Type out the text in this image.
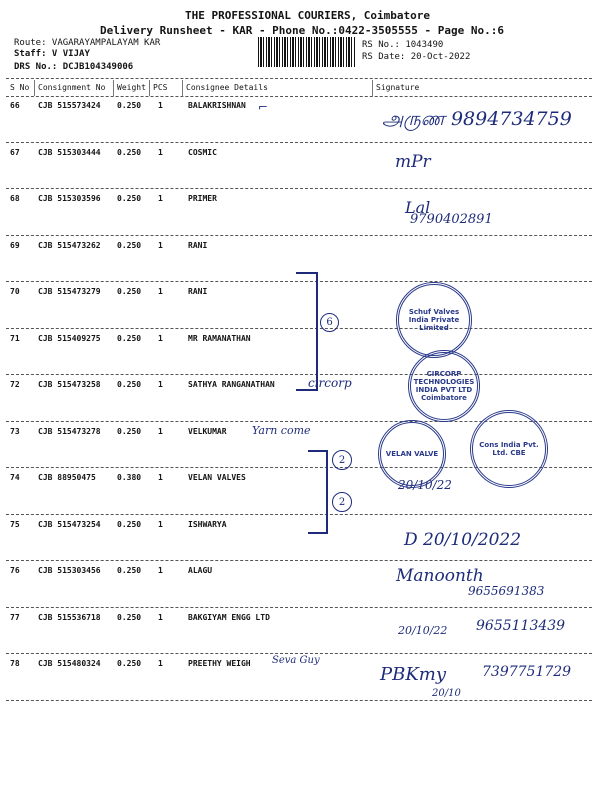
THE PROFESSIONAL COURIERS, Coimbatore
Delivery Runsheet - KAR - Phone No.:0422-3505555 - Page No.:6
Route: VAGARAYAMPALAYAM KAR
Staff: V VIJAY
DRS No.: DCJB104349006
RS No.: 1043490
RS Date: 20-Oct-2022
S No Consignment No Weight PCS Consignee Details	Signature
66 CJB 515573424 0.250 1	BALAKRISHNAN
67 CJB 515303444 0.250 1	COSMIC
68 CJB 515303596 0.250 1	PRIMER
69 CJB 515473262 0.250 1	RANI
70 CJB 515473279 0.250 1	RANI
71 CJB 515409275 0.250 1	MR RAMANATHAN
72 CJB 515473258 0.250 1	SATHYA RANGANATHAN
73 CJB 515473278 0.250 1	VELKUMAR
74 CJB 88950475	0.380 1	VELAN VALVES
75 CJB 515473254 0.250 1	ISHWARYA
76 CJB 515303456 0.250 1	ALAGU
77 CJB 515536718 0.250 1	BAKGIYAM ENGG LTD
78 CJB 515480324 0.250 1	PREETHY WEIGH
அருண 9894734759
⌐
mPr
Lal
9790402891
6
circorp
Yarn come
2
2
20/10/22
D 20/10/2022
Manoonth
9655691383
20/10/22 9655113439
Seva Guy
PBKmy	7397751729
20/10
Schuf Valves India Private Limited
CIRCORP TECHNOLOGIES INDIA PVT LTD Coimbatore
VELAN VALVE
Cons India Pvt. Ltd. CBE
